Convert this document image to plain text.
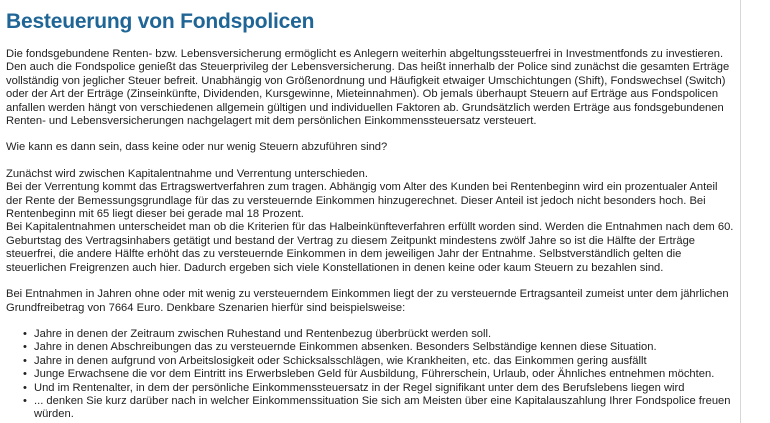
Besteuerung von Fondspolicen

Die fondsgebundene Renten- bzw. Lebensversicherung ermöglicht es Anlegern weiterhin abgeltungssteuerfrei in Investmentfonds zu investieren. Den auch die Fondspolice genießt das Steuerprivileg der Lebensversicherung. Das heißt innerhalb der Police sind zunächst die gesamten Erträge vollständig von jeglicher Steuer befreit. Unabhängig von Größenordnung und Häufigkeit etwaiger Umschichtungen (Shift), Fondswechsel (Switch) oder der Art der Erträge (Zinseinkünfte, Dividenden, Kursgewinne, Mieteinnahmen). Ob jemals überhaupt Steuern auf Erträge aus Fondspolicen anfallen werden hängt von verschiedenen allgemein gültigen und individuellen Faktoren ab. Grundsätzlich werden Erträge aus fondsgebundenen Renten- und Lebensversicherungen nachgelagert mit dem persönlichen Einkommenssteuersatz versteuert.

Wie kann es dann sein, dass keine oder nur wenig Steuern abzuführen sind?

Zunächst wird zwischen Kapitalentnahme und Verrentung unterschieden.
Bei der Verrentung kommt das Ertragswertverfahren zum tragen. Abhängig vom Alter des Kunden bei Rentenbeginn wird ein prozentualer Anteil der Rente der Bemessungsgrundlage für das zu versteuernde Einkommen hinzugerechnet. Dieser Anteil ist jedoch nicht besonders hoch. Bei Rentenbeginn mit 65 liegt dieser bei gerade mal 18 Prozent.
Bei Kapitalentnahmen unterscheidet man ob die Kriterien für das Halbeinkünfteverfahren erfüllt worden sind. Werden die Entnahmen nach dem 60. Geburtstag des Vertragsinhabers getätigt und bestand der Vertrag zu diesem Zeitpunkt mindestens zwölf Jahre so ist die Hälfte der Erträge steuerfrei, die andere Hälfte erhöht das zu versteuernde Einkommen in dem jeweiligen Jahr der Entnahme. Selbstverständlich gelten die steuerlichen Freigrenzen auch hier. Dadurch ergeben sich viele Konstellationen in denen keine oder kaum Steuern zu bezahlen sind.

Bei Entnahmen in Jahren ohne oder mit wenig zu versteuerndem Einkommen liegt der zu versteuernde Ertragsanteil zumeist unter dem jährlichen Grundfreibetrag von 7664 Euro. Denkbare Szenarien hierfür sind beispielsweise:

• Jahre in denen der Zeitraum zwischen Ruhestand und Rentenbezug überbrückt werden soll.
• Jahre in denen Abschreibungen das zu versteuernde Einkommen absenken. Besonders Selbständige kennen diese Situation.
• Jahre in denen aufgrund von Arbeitslosigkeit oder Schicksalsschlägen, wie Krankheiten, etc. das Einkommen gering ausfällt
• Junge Erwachsene die vor dem Eintritt ins Erwerbsleben Geld für Ausbildung, Führerschein, Urlaub, oder Ähnliches entnehmen möchten.
• Und im Rentenalter, in dem der persönliche Einkommenssteuersatz in der Regel signifikant unter dem des Berufslebens liegen wird
• ... denken Sie kurz darüber nach in welcher Einkommenssituation Sie sich am Meisten über eine Kapitalauszahlung Ihrer Fondspolice freuen würden.
